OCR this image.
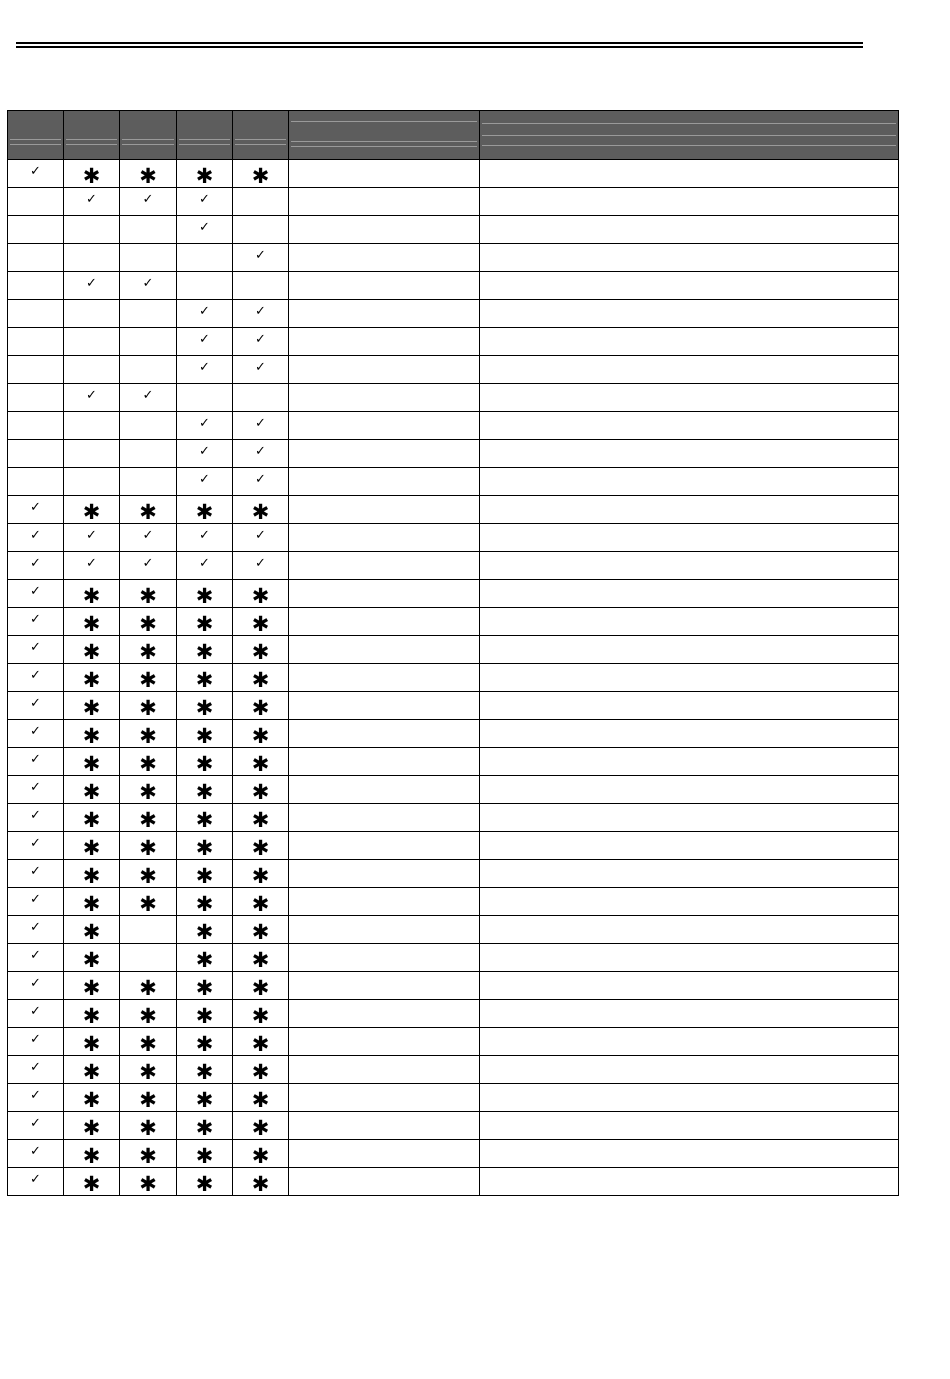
✓	✱	✱	✱	✱		
	✓	✓	✓			
			✓			
				✓		
	✓	✓				
			✓	✓		
			✓	✓		
			✓	✓		
	✓	✓				
			✓	✓		
			✓	✓		
			✓	✓		
✓	✱	✱	✱	✱		
✓	✓	✓	✓	✓		
✓	✓	✓	✓	✓		
✓	✱	✱	✱	✱		
✓	✱	✱	✱	✱		
✓	✱	✱	✱	✱		
✓	✱	✱	✱	✱		
✓	✱	✱	✱	✱		
✓	✱	✱	✱	✱		
✓	✱	✱	✱	✱		
✓	✱	✱	✱	✱		
✓	✱	✱	✱	✱		
✓	✱	✱	✱	✱		
✓	✱	✱	✱	✱		
✓	✱	✱	✱	✱		
✓	✱		✱	✱		
✓	✱		✱	✱		
✓	✱	✱	✱	✱		
✓	✱	✱	✱	✱		
✓	✱	✱	✱	✱		
✓	✱	✱	✱	✱		
✓	✱	✱	✱	✱		
✓	✱	✱	✱	✱		
✓	✱	✱	✱	✱		
✓	✱	✱	✱	✱		
